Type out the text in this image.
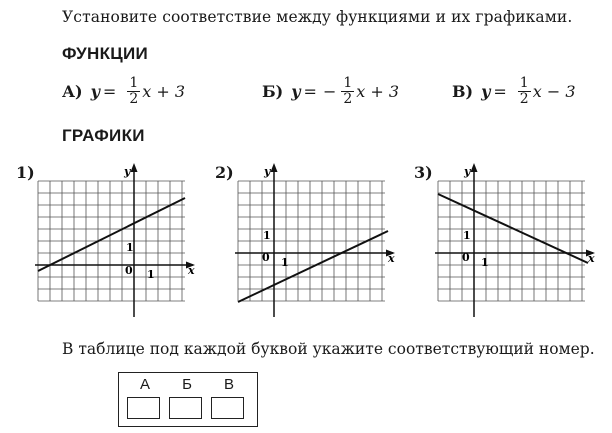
Установите соответствие между функциями и их графиками.
ФУНКЦИИ
А) $y = \frac{1}{2}$ x + 3	Б) y = − $\frac{1}{2}$ x + 3	В) $y = \frac{1}{2}$ x − 3
ГРАФИКИ
1)	y
x
0 1
1
2)	y
x
0 1
1
3)	y
x
0 1
1
В таблице под каждой буквой укажите соответствующий номер.
А	Б	В
